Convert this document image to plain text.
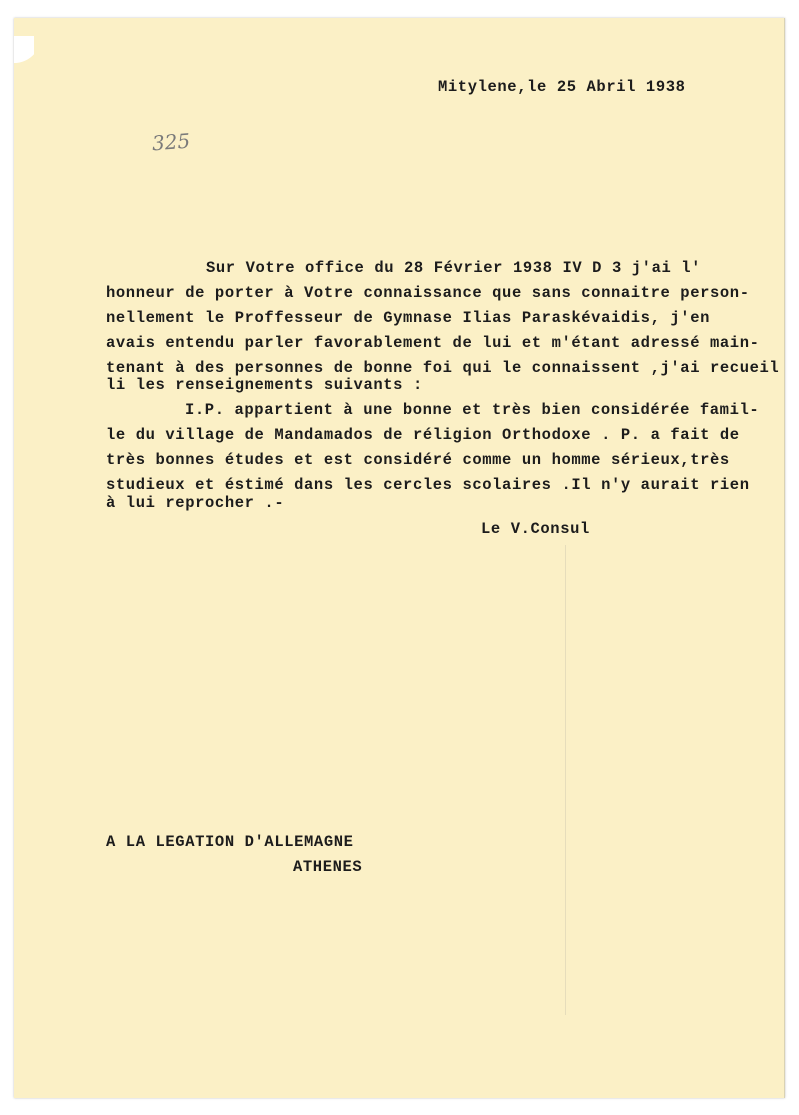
325
Mitylene,le 25 Abril 1938
Sur Votre office du 28 Février 1938 IV D 3 j'ai l'
honneur de porter à Votre connaissance que sans connaitre person-
nellement le Proffesseur de Gymnase Ilias Paraskévaidis, j'en
avais entendu parler favorablement de lui et m'étant adressé main-
tenant à des personnes de bonne foi qui le connaissent ,j'ai recueil
li les renseignements suivants :
I.P. appartient à une bonne et très bien considérée famil-
le du village de Mandamados de réligion Orthodoxe . P. a fait de
très bonnes études et est considéré comme un homme sérieux,très
studieux et éstimé dans les cercles scolaires .Il n'y aurait rien
à lui reprocher .-
Le V.Consul
A LA LEGATION D'ALLEMAGNE
ATHENES
